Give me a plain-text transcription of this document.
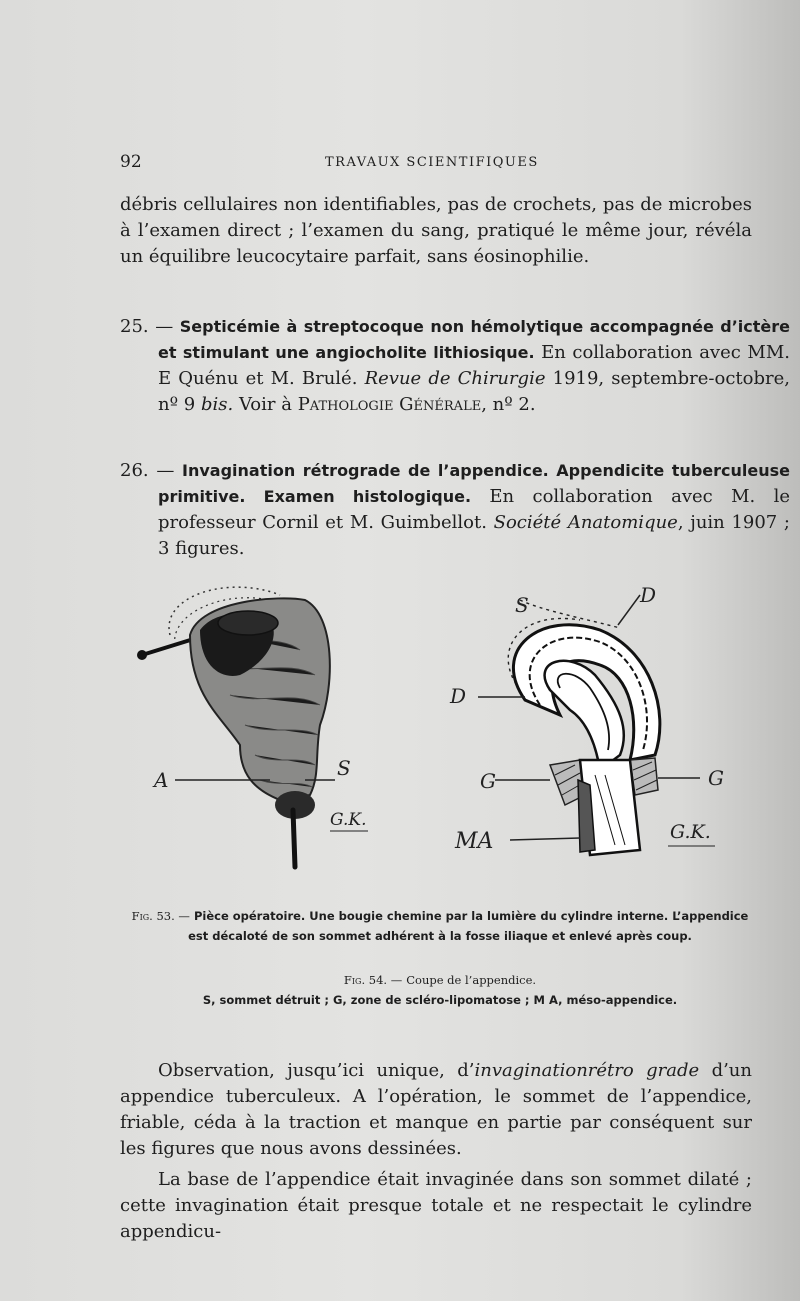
92	TRAVAUX SCIENTIFIQUES
débris cellulaires non identifiables, pas de crochets, pas de microbes à l’examen direct ; l’examen du sang, pratiqué le même jour, révéla un équilibre leucocytaire parfait, sans éosinophilie.
25. — Septicémie à streptocoque non hémolytique accompagnée d’ictère et stimulant une angiocholite lithiosique. En collaboration avec MM. E Quénu et M. Brulé. Revue de Chirurgie 1919, septembre-octobre, nº 9 bis. Voir à Pathologie Générale, nº 2.
26. — Invagination rétrograde de l’appendice. Appendicite tuberculeuse primitive. Examen histologique. En collaboration avec M. le professeur Cornil et M. Guimbellot. Société Anatomique, juin 1907 ; 3 figures.
A	S
G.K.
S	D
D
G	G
MA	G.K.
Fig. 53. — Pièce opératoire. Une bougie chemine par la lumière du cylindre interne. L’appendice est décaloté de son sommet adhérent à la fosse iliaque et enlevé après coup.
Fig. 54. — Coupe de l’appendice.
S, sommet détruit ; G, zone de scléro-lipomatose ; M A, méso-appendice.
Observation, jusqu’ici unique, d’invaginationrétro grade d’un appendice tuberculeux. A l’opération, le sommet de l’appendice, friable, céda à la traction et manque en partie par conséquent sur les figures que nous avons dessinées.
La base de l’appendice était invaginée dans son sommet dilaté ; cette invagination était presque totale et ne respectait le cylindre appendicu-
